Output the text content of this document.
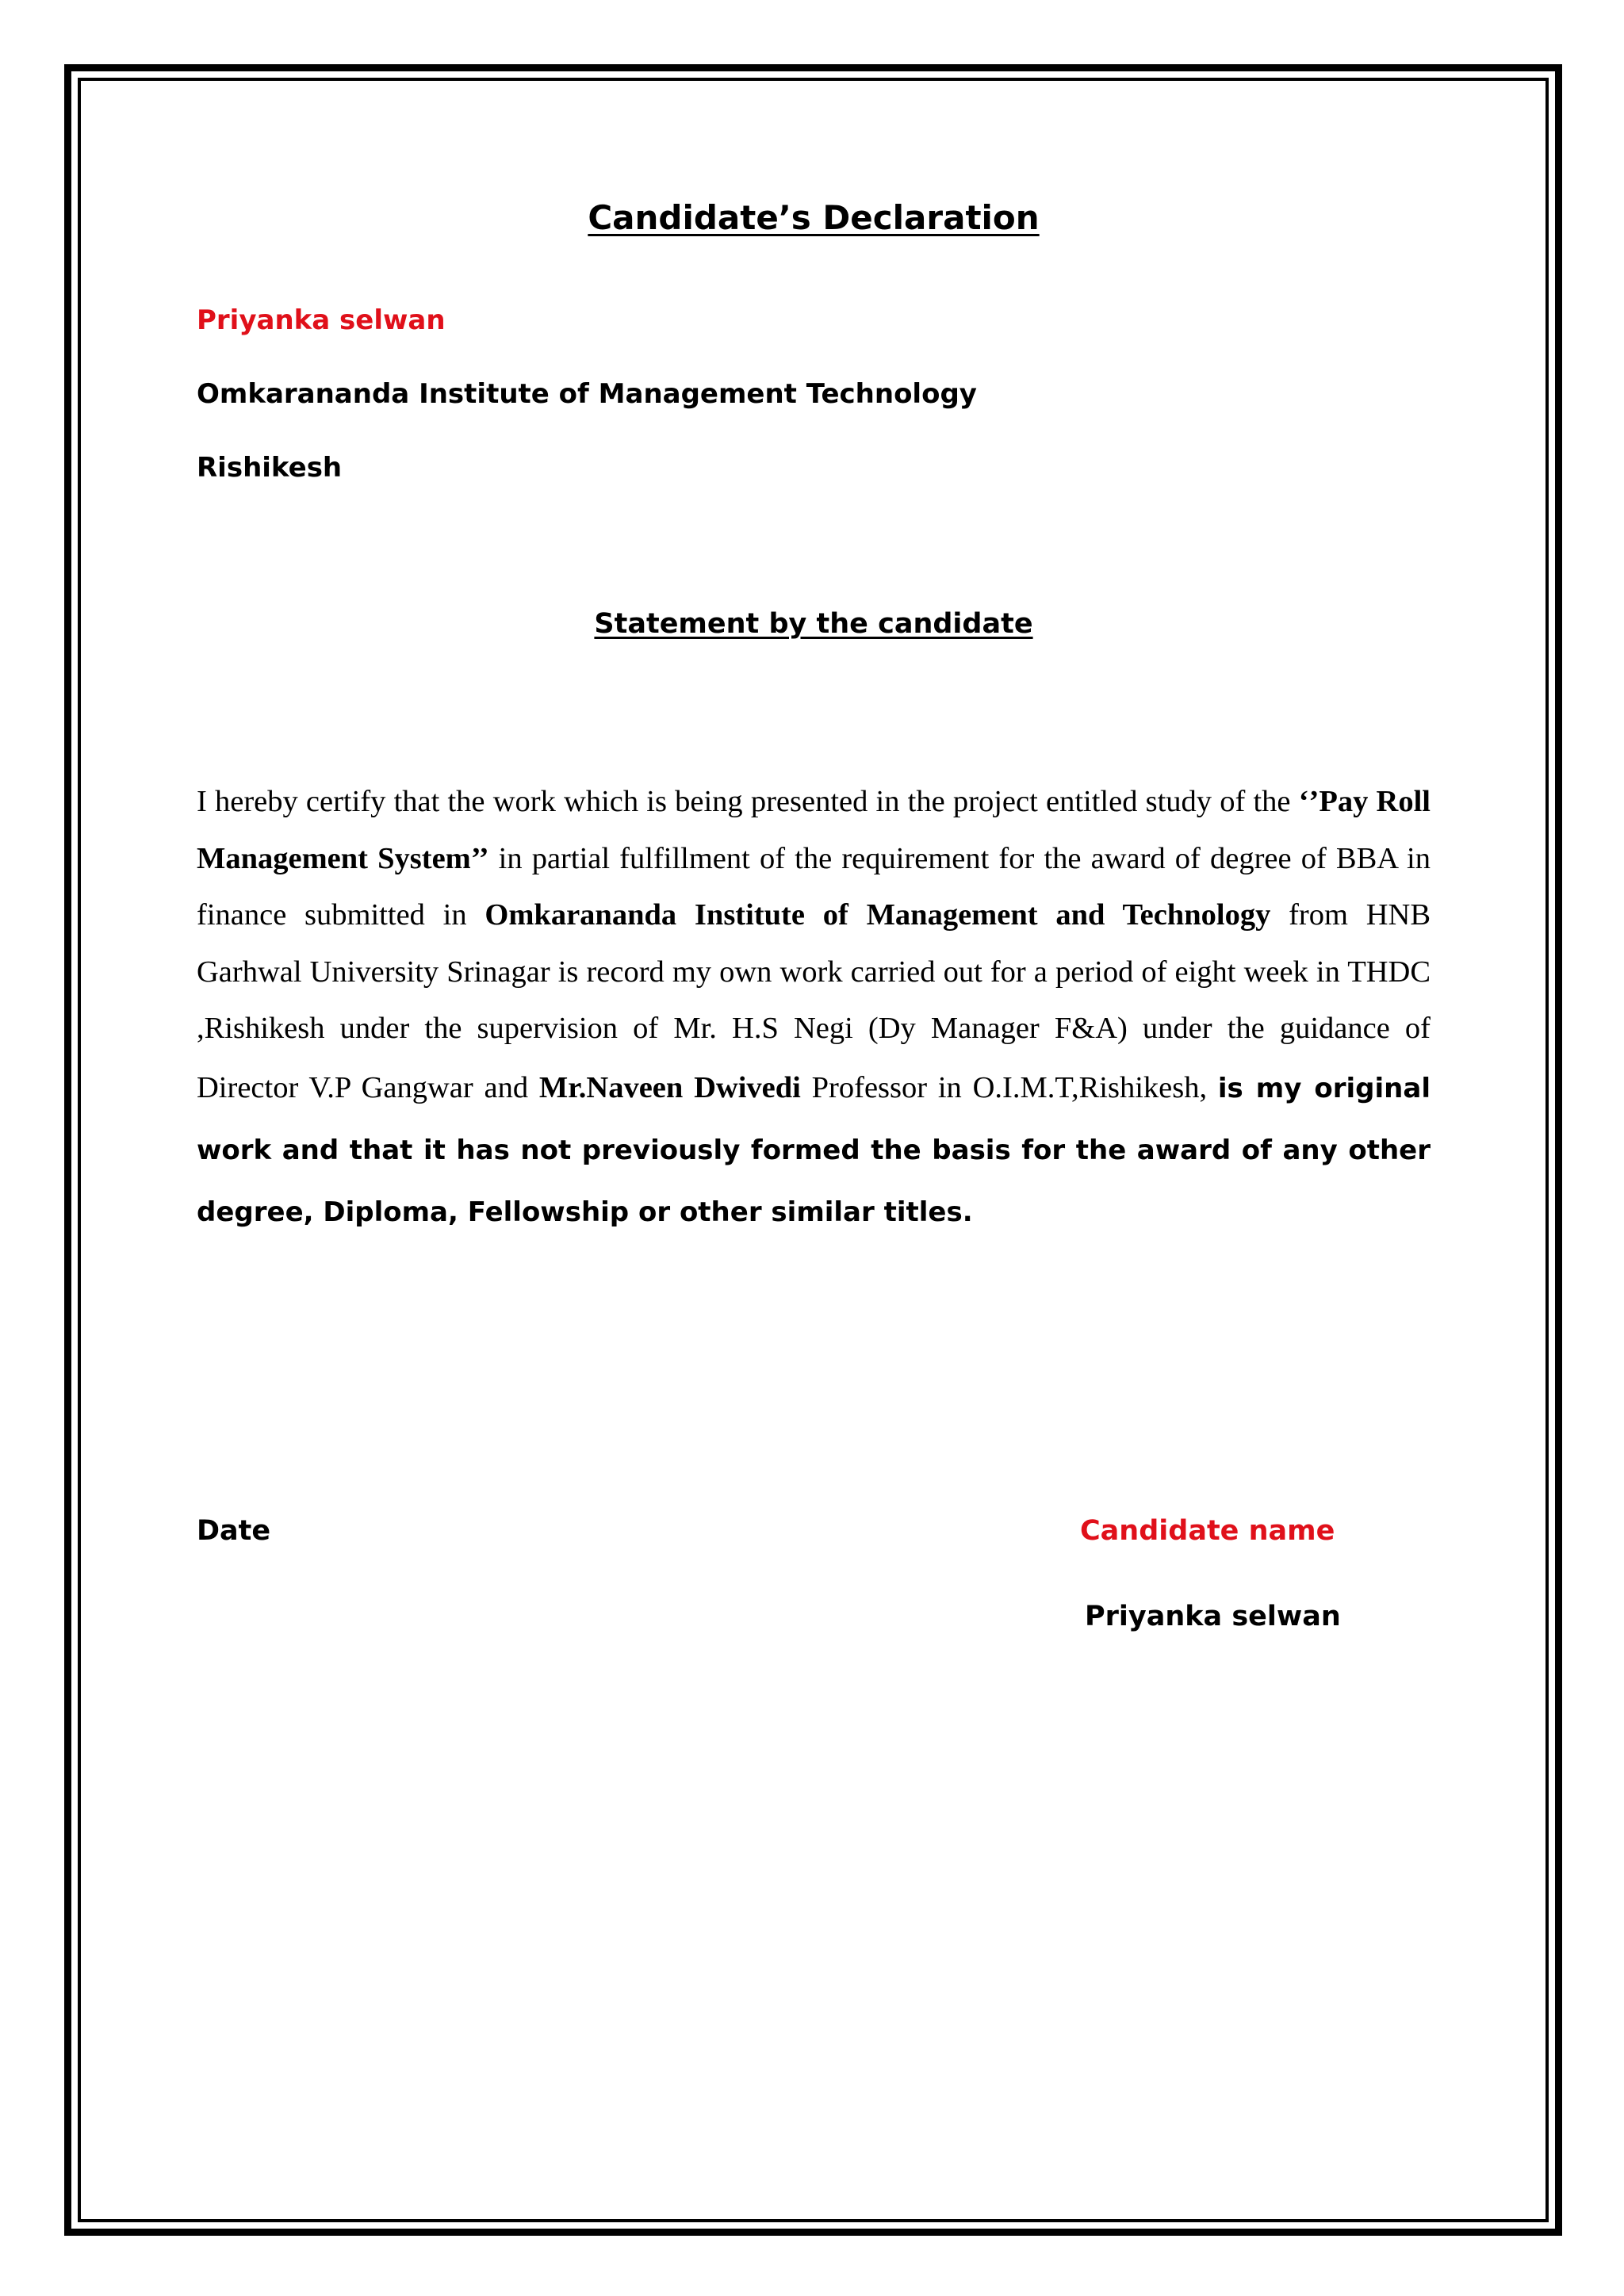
Candidate’s Declaration
Priyanka selwan
Omkarananda Institute of Management Technology
Rishikesh
Statement by the candidate

I hereby certify that the work which is being presented in the project entitled study of the ‘’Pay Roll Management System’’ in partial fulfillment of the requirement for the award of degree of BBA in finance submitted in Omkarananda Institute of Management and Technology from HNB Garhwal University Srinagar is record my own work carried out for a period of eight week in THDC ,Rishikesh under the supervision of Mr. H.S Negi (Dy Manager F&A) under the guidance of Director V.P Gangwar and Mr.Naveen Dwivedi Professor in O.I.M.T,Rishikesh, is my original work and that it has not previously formed the basis for the award of any other degree, Diploma, Fellowship or other similar titles.

Date	Candidate name
Priyanka selwan
